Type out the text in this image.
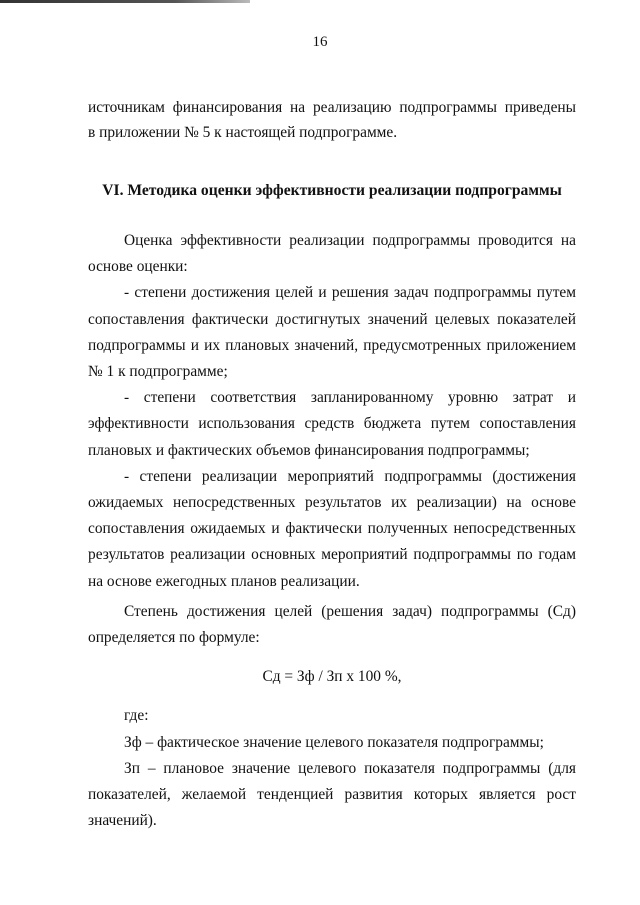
16

источникам финансирования на реализацию подпрограммы приведены

в приложении № 5 к настоящей подпрограмме.

VI. Методика оценки эффективности реализации подпрограммы

Оценка эффективности реализации подпрограммы проводится на основе оценки:

- степени достижения целей и решения задач подпрограммы путем сопоставления фактически достигнутых значений целевых показателей подпрограммы и их плановых значений, предусмотренных приложением № 1 к подпрограмме;

- степени соответствия запланированному уровню затрат и эффективности использования средств бюджета путем сопоставления плановых и фактических объемов финансирования подпрограммы;

- степени реализации мероприятий подпрограммы (достижения ожидаемых непосредственных результатов их реализации) на основе сопоставления ожидаемых и фактически полученных непосредственных результатов реализации основных мероприятий подпрограммы по годам на основе ежегодных планов реализации.

Степень достижения целей (решения задач) подпрограммы (Сд) определяется по формуле:

Сд = Зф / Зп х 100 %,

где:

Зф – фактическое значение целевого показателя подпрограммы;

Зп – плановое значение целевого показателя подпрограммы (для показателей, желаемой тенденцией развития которых является рост значений).
